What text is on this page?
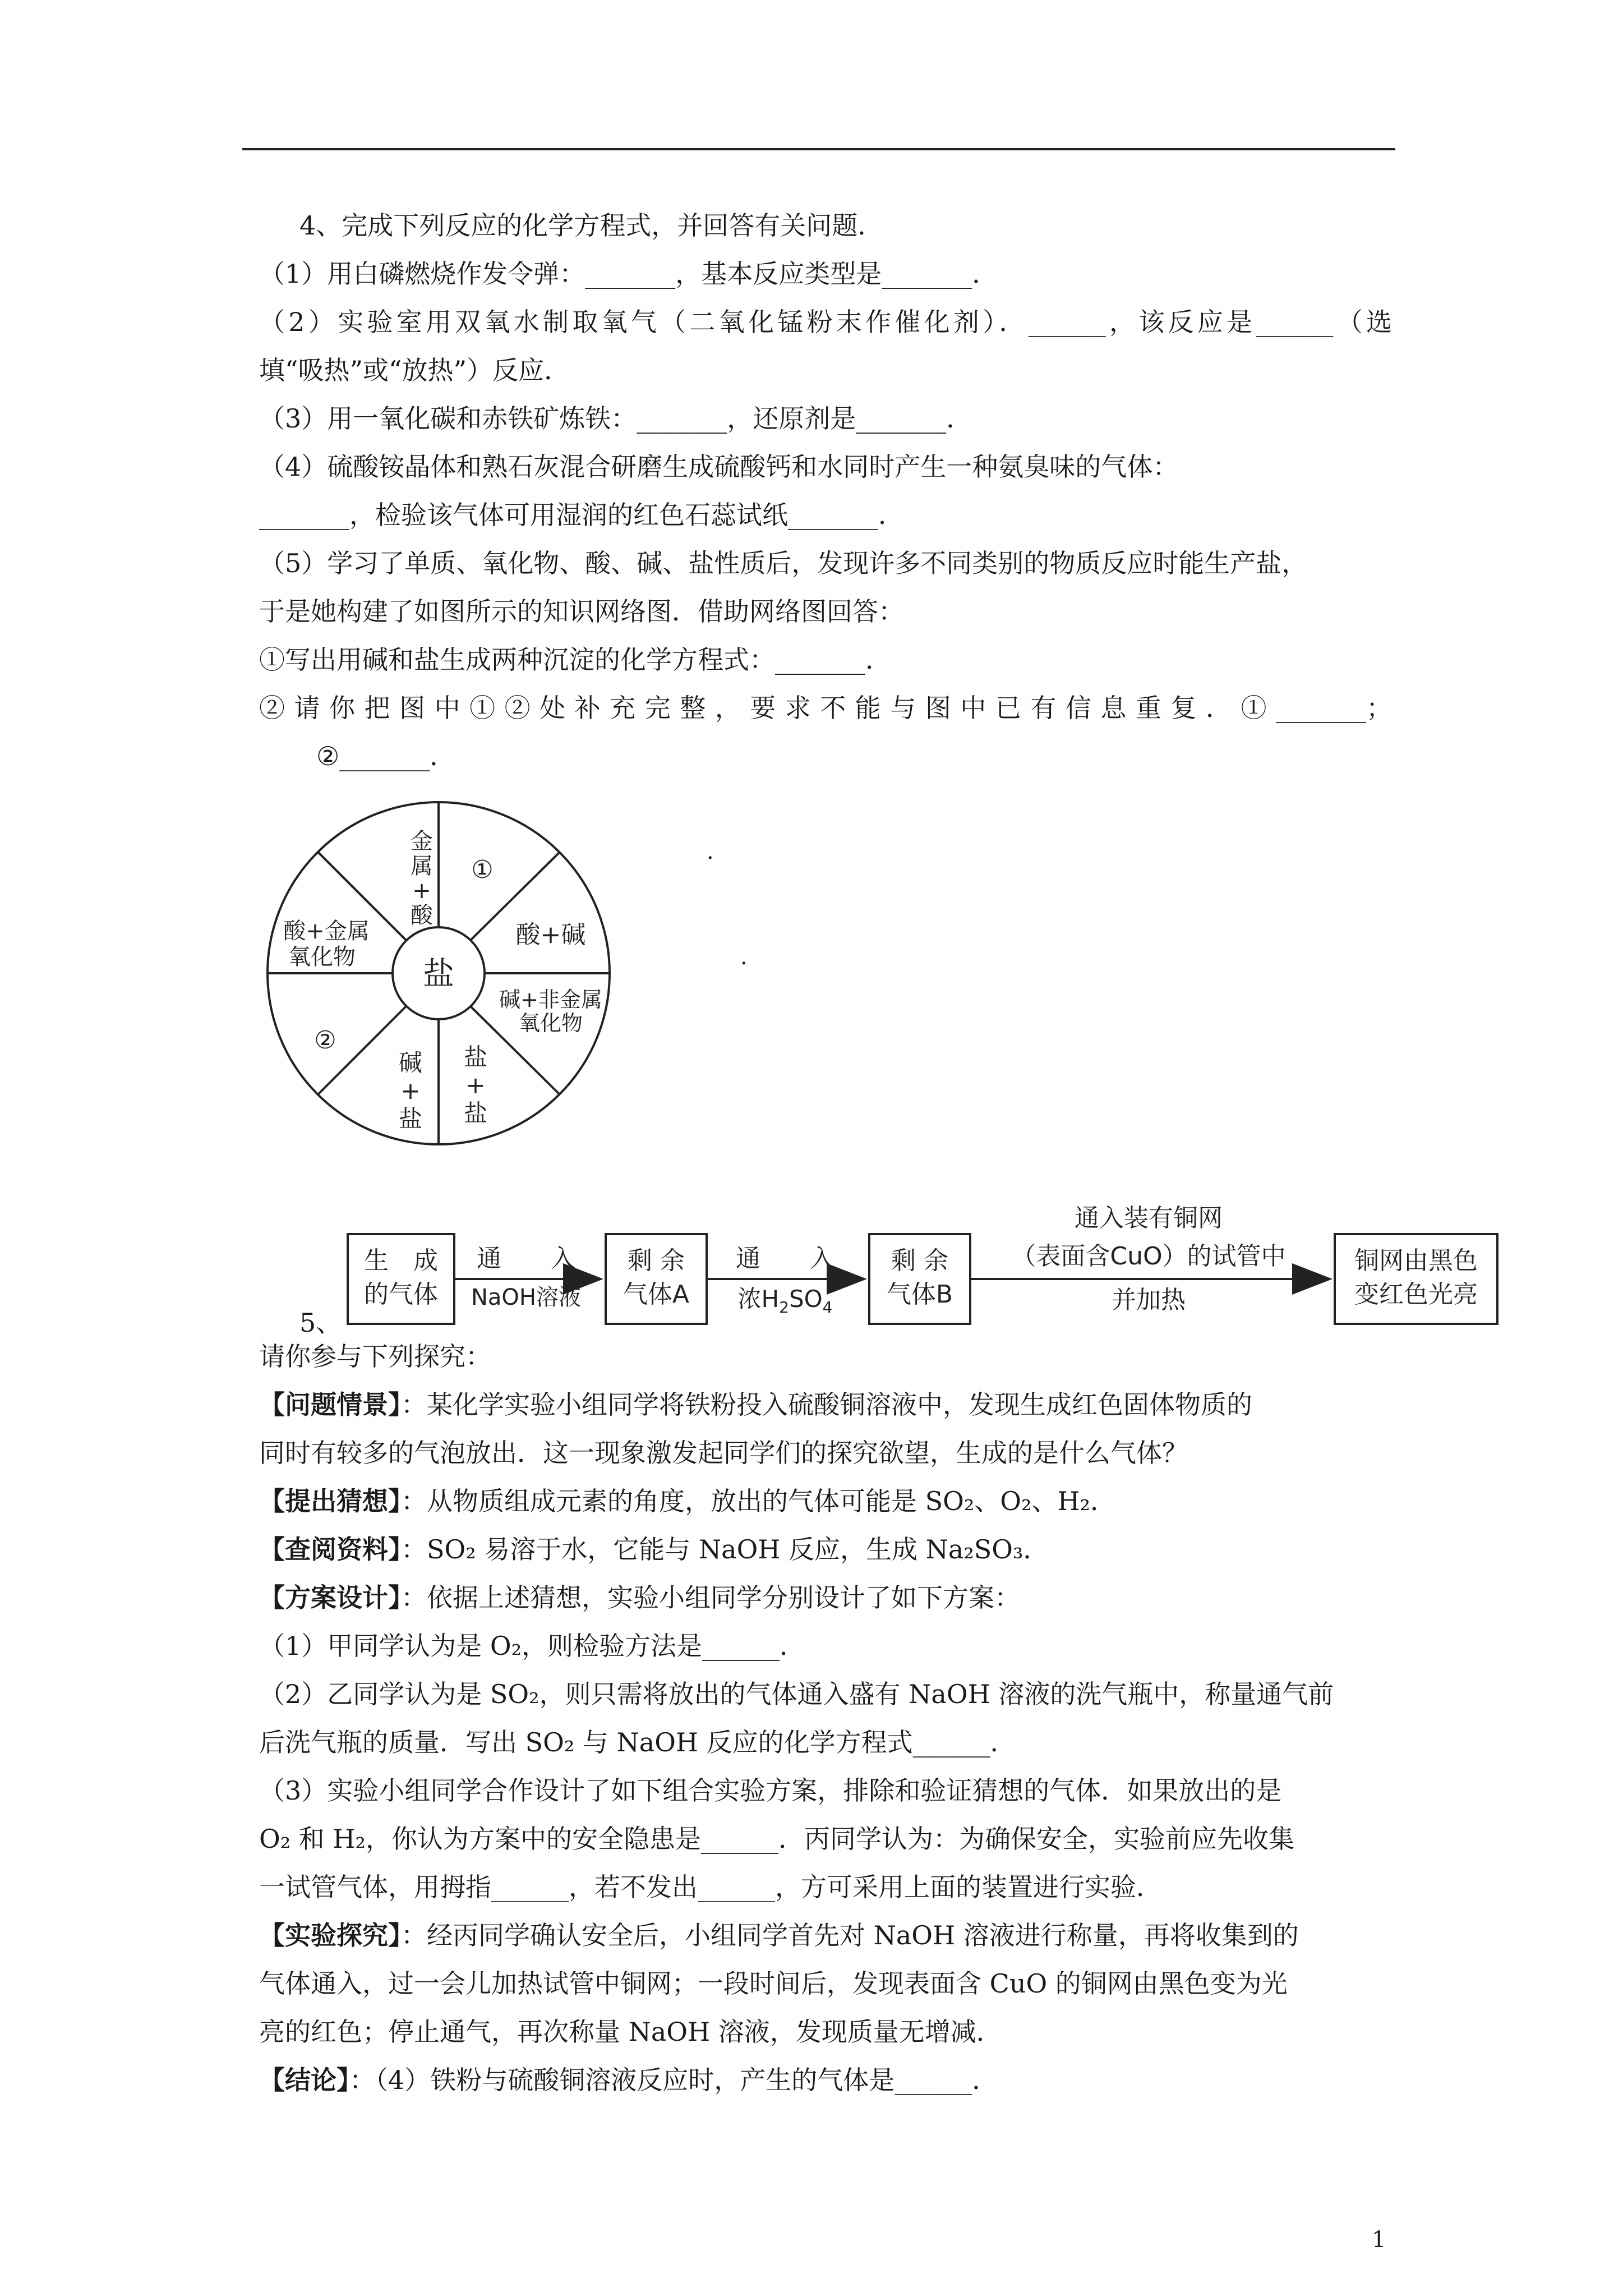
4、完成下列反应的化学方程式，并回答有关问题．
（1）用白磷燃烧作发令弹：_______，基本反应类型是_______．
（2）实验室用双氧水制取氧气（二氧化锰粉末作催化剂）．______，该反应是______（选
填“吸热”或“放热”）反应．
（3）用一氧化碳和赤铁矿炼铁：_______，还原剂是_______．
（4）硫酸铵晶体和熟石灰混合研磨生成硫酸钙和水同时产生一种氨臭味的气体：
_______，检验该气体可用湿润的红色石蕊试纸_______．
（5）学习了单质、氧化物、酸、碱、盐性质后，发现许多不同类别的物质反应时能生产盐，
于是她构建了如图所示的知识网络图．借助网络图回答：
①写出用碱和盐生成两种沉淀的化学方程式：_______．
②请你把图中①②处补充完整，要求不能与图中已有信息重复．①_______；
②_______．
盐
金
属
+
酸
①
酸+碱
碱+非金属
氧化物
盐
+
盐
碱
+
盐
②
酸+金属
氧化物
·
·
生　成
的气体
通　　入
NaOH溶液
剩 余
气体A
通　　入
浓$H_2SO_4$
剩 余
气体B
通入装有铜网
（表面含CuO）的试管中
并加热
铜网由黑色
变红色光亮
5、
请你参与下列探究：
【问题情景】：某化学实验小组同学将铁粉投入硫酸铜溶液中，发现生成红色固体物质的
同时有较多的气泡放出．这一现象激发起同学们的探究欲望，生成的是什么气体？
【提出猜想】：从物质组成元素的角度，放出的气体可能是 SO₂、O₂、H₂．
【查阅资料】：SO₂ 易溶于水，它能与 NaOH 反应，生成 Na₂SO₃．
【方案设计】：依据上述猜想，实验小组同学分别设计了如下方案：
（1）甲同学认为是 O₂，则检验方法是______．
（2）乙同学认为是 SO₂，则只需将放出的气体通入盛有 NaOH 溶液的洗气瓶中，称量通气前
后洗气瓶的质量．写出 SO₂ 与 NaOH 反应的化学方程式______．
（3）实验小组同学合作设计了如下组合实验方案，排除和验证猜想的气体．如果放出的是
O₂ 和 H₂，你认为方案中的安全隐患是______．丙同学认为：为确保安全，实验前应先收集
一试管气体，用拇指______，若不发出______，方可采用上面的装置进行实验．
【实验探究】：经丙同学确认安全后，小组同学首先对 NaOH 溶液进行称量，再将收集到的
气体通入，过一会儿加热试管中铜网；一段时间后，发现表面含 CuO 的铜网由黑色变为光
亮的红色；停止通气，再次称量 NaOH 溶液，发现质量无增减．
【结论】：（4）铁粉与硫酸铜溶液反应时，产生的气体是______．
1
